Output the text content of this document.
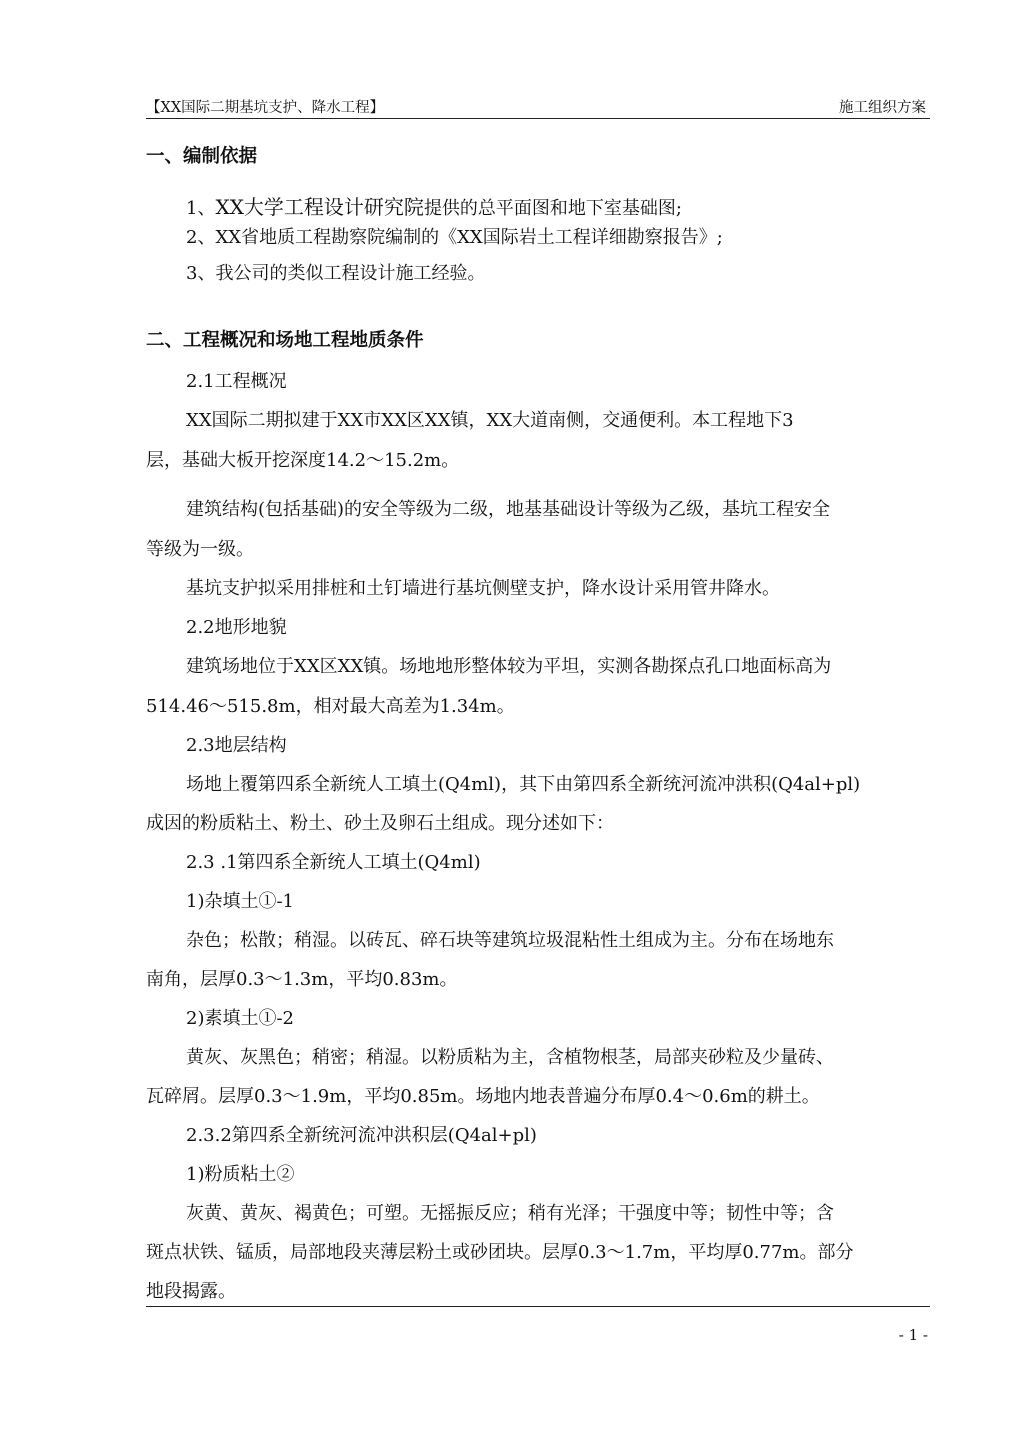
【XX国际二期基坑支护、降水工程】	施工组织方案
一、编制依据
1、XX大学工程设计研究院提供的总平面图和地下室基础图;
2、XX省地质工程勘察院编制的《XX国际岩土工程详细勘察报告》;
3、我公司的类似工程设计施工经验。
二、工程概况和场地工程地质条件
2.1工程概况
XX国际二期拟建于XX市XX区XX镇，XX大道南侧，交通便利。本工程地下3
层，基础大板开挖深度14.2～15.2m。
建筑结构(包括基础)的安全等级为二级，地基基础设计等级为乙级，基坑工程安全
等级为一级。
基坑支护拟采用排桩和土钉墙进行基坑侧壁支护，降水设计采用管井降水。
2.2地形地貌
建筑场地位于XX区XX镇。场地地形整体较为平坦，实测各勘探点孔口地面标高为
514.46～515.8m，相对最大高差为1.34m。
2.3地层结构
场地上覆第四系全新统人工填土(Q4ml)，其下由第四系全新统河流冲洪积(Q4al+pl)
成因的粉质粘土、粉土、砂土及卵石土组成。现分述如下：
2.3 .1第四系全新统人工填土(Q4ml)
1)杂填土①-1
杂色；松散；稍湿。以砖瓦、碎石块等建筑垃圾混粘性土组成为主。分布在场地东
南角，层厚0.3～1.3m，平均0.83m。
2)素填土①-2
黄灰、灰黑色；稍密；稍湿。以粉质粘为主，含植物根茎，局部夹砂粒及少量砖、
瓦碎屑。层厚0.3～1.9m，平均0.85m。场地内地表普遍分布厚0.4～0.6m的耕土。
2.3.2第四系全新统河流冲洪积层(Q4al+pl)
1)粉质粘土②
灰黄、黄灰、褐黄色；可塑。无摇振反应；稍有光泽；干强度中等；韧性中等；含
斑点状铁、锰质，局部地段夹薄层粉土或砂团块。层厚0.3～1.7m，平均厚0.77m。部分
地段揭露。
- 1 -
